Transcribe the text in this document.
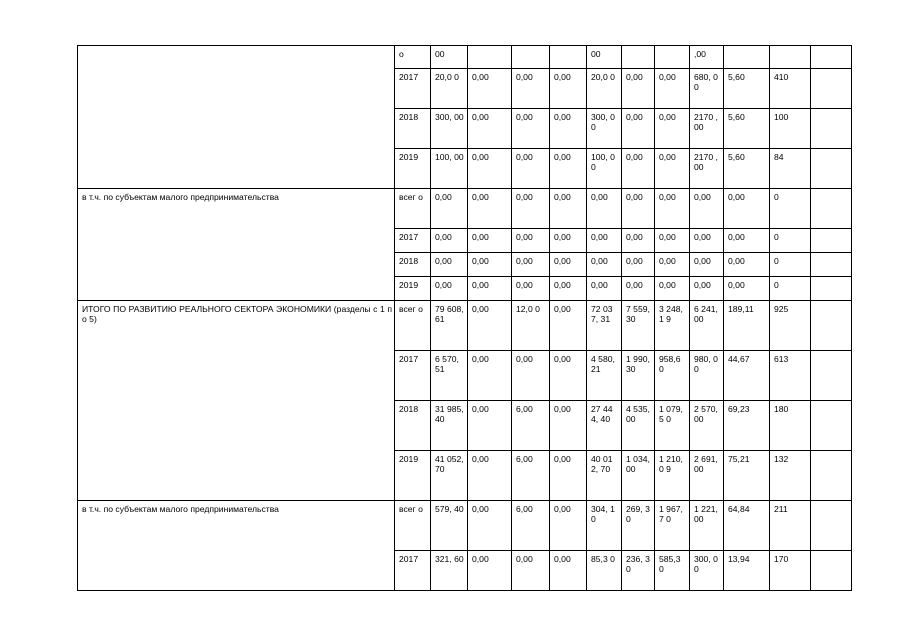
	о	00				00			,00			
	2017	20,0 0	0,00	0,00	0,00	20,0 0	0,00	0,00	680, 00	5,60	410	
	2018	300, 00	0,00	0,00	0,00	300, 00	0,00	0,00	2170 ,00	5,60	100	
	2019	100, 00	0,00	0,00	0,00	100, 00	0,00	0,00	2170 ,00	5,60	84	

в т.ч. по субъектам малого предпринимательства	всег о	0,00	0,00	0,00	0,00	0,00	0,00	0,00	0,00	0,00	0	
	2017	0,00	0,00	0,00	0,00	0,00	0,00	0,00	0,00	0,00	0	
	2018	0,00	0,00	0,00	0,00	0,00	0,00	0,00	0,00	0,00	0	
	2019	0,00	0,00	0,00	0,00	0,00	0,00	0,00	0,00	0,00	0	

ИТОГО ПО РАЗВИТИЮ РЕАЛЬНОГО СЕКТОРА ЭКОНОМИКИ (разделы с 1 по 5)	всег о	79 608, 61	0,00	12,0 0	0,00	72 037, 31	7 559, 30	3 248,1 9	6 241, 00	189,11	925	
	2017	6 570, 51	0,00	0,00	0,00	4 580, 21	1 990, 30	958,6 0	980, 00	44,67	613	
	2018	31 985, 40	0,00	6,00	0,00	27 444, 40	4 535, 00	1 079,5 0	2 570, 00	69,23	180	
	2019	41 052, 70	0,00	6,00	0,00	40 012, 70	1 034, 00	1 210,0 9	2 691, 00	75,21	132	

в т.ч. по субъектам малого предпринимательства	всег о	579, 40	0,00	6,00	0,00	304, 10	269, 30	1 967,7 0	1 221, 00	64,84	211	
	2017	321, 60	0,00	0,00	0,00	85,3 0	236, 30	585,3 0	300, 00	13,94	170	
